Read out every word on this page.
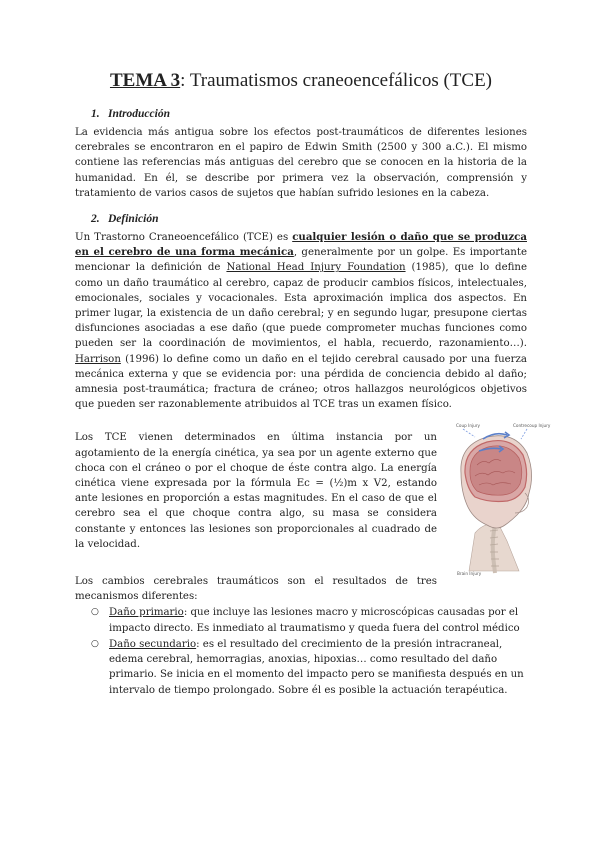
TEMA 3: Traumatismos craneoencefálicos (TCE)
1. Introducción

La evidencia más antigua sobre los efectos post-traumáticos de diferentes lesiones cerebrales se encontraron en el papiro de Edwin Smith (2500 y 300 a.C.). El mismo contiene las referencias más antiguas del cerebro que se conocen en la historia de la humanidad. En él, se describe por primera vez la observación, comprensión y tratamiento de varios casos de sujetos que habían sufrido lesiones en la cabeza.

2. Definición

Un Trastorno Craneoencefálico (TCE) es cualquier lesión o daño que se produzca en el cerebro de una forma mecánica, generalmente por un golpe. Es importante mencionar la definición de National Head Injury Foundation (1985), que lo define como un daño traumático al cerebro, capaz de producir cambios físicos, intelectuales, emocionales, sociales y vocacionales. Esta aproximación implica dos aspectos. En primer lugar, la existencia de un daño cerebral; y en segundo lugar, presupone ciertas disfunciones asociadas a ese daño (que puede comprometer muchas funciones como pueden ser la coordinación de movimientos, el habla, recuerdo, razonamiento…). Harrison (1996) lo define como un daño en el tejido cerebral causado por una fuerza mecánica externa y que se evidencia por: una pérdida de conciencia debido al daño; amnesia post-traumática; fractura de cráneo; otros hallazgos neurológicos objetivos que pueden ser razonablemente atribuidos al TCE tras un examen físico.

Los TCE vienen determinados en última instancia por un agotamiento de la energía cinética, ya sea por un agente externo que choca con el cráneo o por el choque de éste contra algo. La energía cinética viene expresada por la fórmula Ec = (½)m x V2, estando ante lesiones en proporción a estas magnitudes. En el caso de que el cerebro sea el que choque contra algo, su masa se considera constante y entonces las lesiones son proporcionales al cuadrado de la velocidad.

Coup Injury	Contrecoup Injury
Brain Injury

Los cambios cerebrales traumáticos son el resultados de tres mecanismos diferentes:

○ Daño primario: que incluye las lesiones macro y microscópicas causadas por el impacto directo. Es inmediato al traumatismo y queda fuera del control médico
○ Daño secundario: es el resultado del crecimiento de la presión intracraneal, edema cerebral, hemorragias, anoxias, hipoxias… como resultado del daño primario. Se inicia en el momento del impacto pero se manifiesta después en un intervalo de tiempo prolongado. Sobre él es posible la actuación terapéutica.
